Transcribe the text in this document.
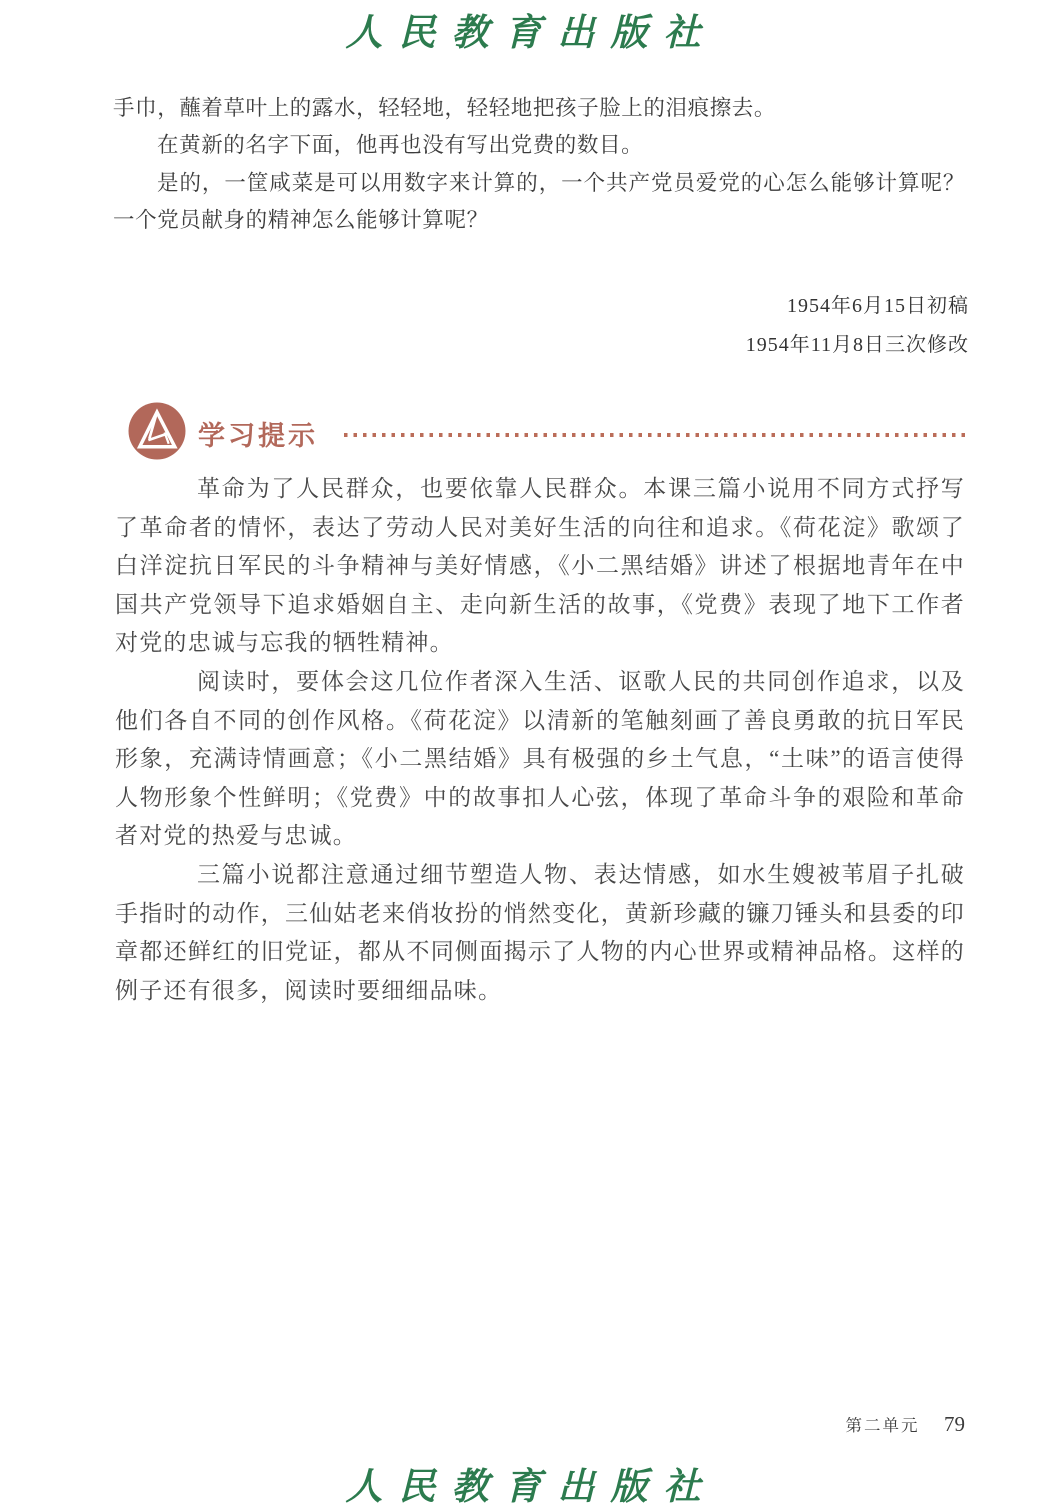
人民教育出版社

手巾，蘸着草叶上的露水，轻轻地，轻轻地把孩子脸上的泪痕擦去。

在黄新的名字下面，他再也没有写出党费的数目。

是的，一筐咸菜是可以用数字来计算的，一个共产党员爱党的心怎么能够计算呢？一个党员献身的精神怎么能够计算呢？

1954年6月15日初稿

1954年11月8日三次修改

学习提示

革命为了人民群众，也要依靠人民群众。本课三篇小说用不同方式抒写了革命者的情怀，表达了劳动人民对美好生活的向往和追求。《荷花淀》歌颂了白洋淀抗日军民的斗争精神与美好情感，《小二黑结婚》讲述了根据地青年在中国共产党领导下追求婚姻自主、走向新生活的故事，《党费》表现了地下工作者对党的忠诚与忘我的牺牲精神。

阅读时，要体会这几位作者深入生活、讴歌人民的共同创作追求，以及他们各自不同的创作风格。《荷花淀》以清新的笔触刻画了善良勇敢的抗日军民形象，充满诗情画意；《小二黑结婚》具有极强的乡土气息，“土味”的语言使得人物形象个性鲜明；《党费》中的故事扣人心弦，体现了革命斗争的艰险和革命者对党的热爱与忠诚。

三篇小说都注意通过细节塑造人物、表达情感，如水生嫂被苇眉子扎破手指时的动作，三仙姑老来俏妆扮的悄然变化，黄新珍藏的镰刀锤头和县委的印章都还鲜红的旧党证，都从不同侧面揭示了人物的内心世界或精神品格。这样的例子还有很多，阅读时要细细品味。

第二单元 79
人民教育出版社
